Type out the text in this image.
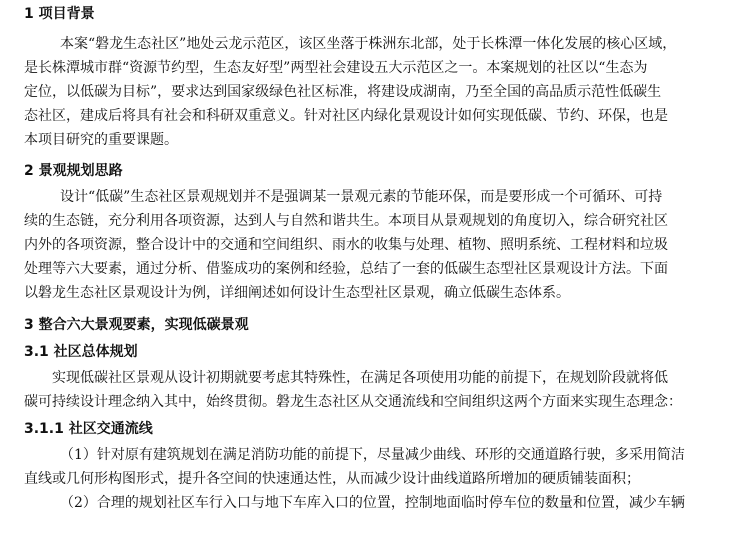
1 项目背景
本案“磐龙生态社区”地处云龙示范区，该区坐落于株洲东北部，处于长株潭一体化发展的核心区域，
是长株潭城市群“资源节约型，生态友好型”两型社会建设五大示范区之一。本案规划的社区以“生态为
定位，以低碳为目标”，要求达到国家级绿色社区标准，将建设成湖南，乃至全国的高品质示范性低碳生
态社区，建成后将具有社会和科研双重意义。针对社区内绿化景观设计如何实现低碳、节约、环保，也是
本项目研究的重要课题。
2 景观规划思路
设计“低碳”生态社区景观规划并不是强调某一景观元素的节能环保，而是要形成一个可循环、可持
续的生态链，充分利用各项资源，达到人与自然和谐共生。本项目从景观规划的角度切入，综合研究社区
内外的各项资源，整合设计中的交通和空间组织、雨水的收集与处理、植物、照明系统、工程材料和垃圾
处理等六大要素，通过分析、借鉴成功的案例和经验，总结了一套的低碳生态型社区景观设计方法。下面
以磐龙生态社区景观设计为例，详细阐述如何设计生态型社区景观，确立低碳生态体系。
3 整合六大景观要素，实现低碳景观
3.1 社区总体规划
实现低碳社区景观从设计初期就要考虑其特殊性，在满足各项使用功能的前提下，在规划阶段就将低
碳可持续设计理念纳入其中，始终贯彻。磐龙生态社区从交通流线和空间组织这两个方面来实现生态理念：
3.1.1 社区交通流线
（1）针对原有建筑规划在满足消防功能的前提下，尽量减少曲线、环形的交通道路行驶，多采用简洁
直线或几何形构图形式，提升各空间的快速通达性，从而减少设计曲线道路所增加的硬质铺装面积；
（2）合理的规划社区车行入口与地下车库入口的位置，控制地面临时停车位的数量和位置，减少车辆
